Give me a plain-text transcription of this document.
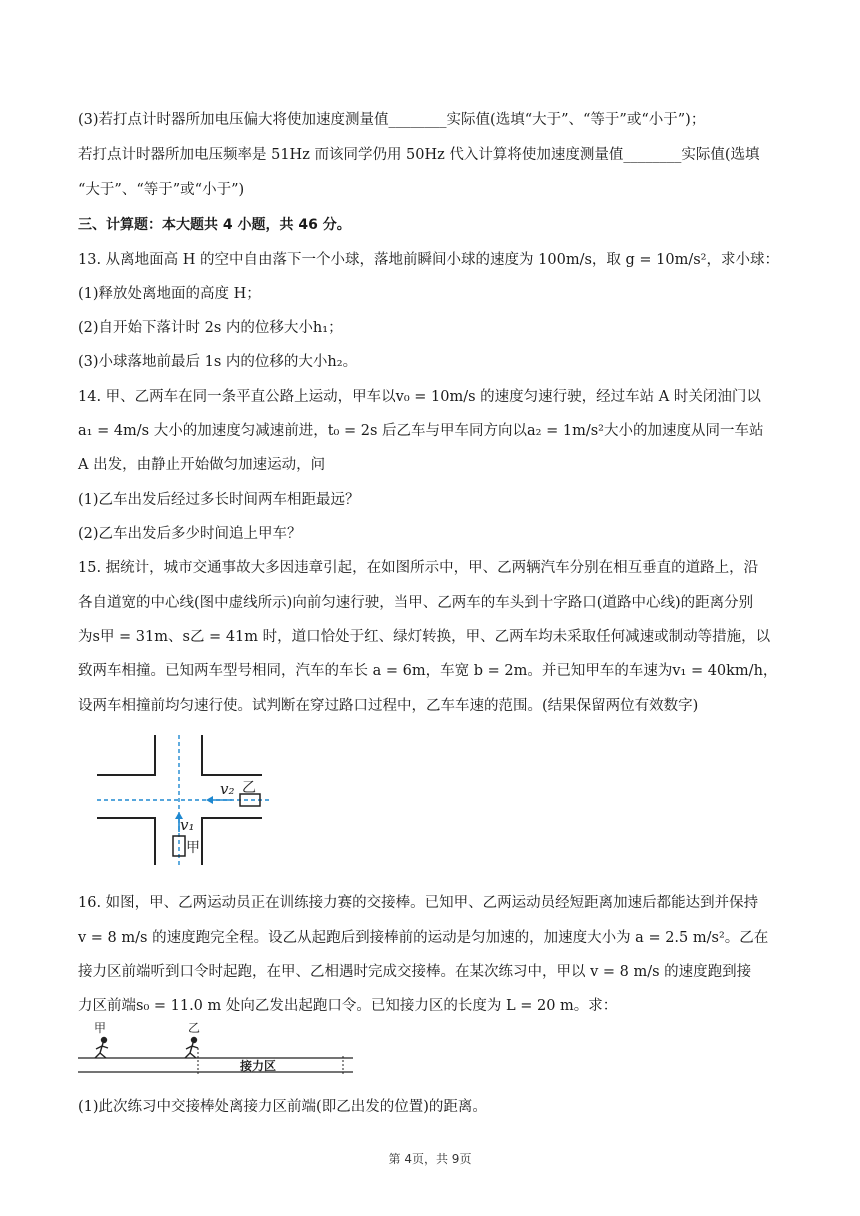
(3)若打点计时器所加电压偏大将使加速度测量值________实际值(选填“大于”、“等于”或“小于”)；
若打点计时器所加电压频率是 51Hz 而该同学仍用 50Hz 代入计算将使加速度测量值________实际值(选填
“大于”、“等于”或“小于”)
三、计算题：本大题共 4 小题，共 46 分。
13. 从离地面高 H 的空中自由落下一个小球，落地前瞬间小球的速度为 100m/s，取 g = 10m/s²，求小球：
(1)释放处离地面的高度 H；
(2)自开始下落计时 2s 内的位移大小h₁；
(3)小球落地前最后 1s 内的位移的大小h₂。
14. 甲、乙两车在同一条平直公路上运动，甲车以v₀ = 10m/s 的速度匀速行驶，经过车站 A 时关闭油门以
a₁ = 4m/s 大小的加速度匀减速前进，t₀ = 2s 后乙车与甲车同方向以a₂ = 1m/s²大小的加速度从同一车站
A 出发，由静止开始做匀加速运动，问
(1)乙车出发后经过多长时间两车相距最远？
(2)乙车出发后多少时间追上甲车？
15. 据统计，城市交通事故大多因违章引起，在如图所示中，甲、乙两辆汽车分别在相互垂直的道路上，沿
各自道宽的中心线(图中虚线所示)向前匀速行驶，当甲、乙两车的车头到十字路口(道路中心线)的距离分别
为s甲 = 31m、s乙 = 41m 时，道口恰处于红、绿灯转换，甲、乙两车均未采取任何减速或制动等措施，以
致两车相撞。已知两车型号相同，汽车的车长 a = 6m，车宽 b = 2m。并已知甲车的车速为v₁ = 40km/h，
设两车相撞前均匀速行使。试判断在穿过路口过程中，乙车车速的范围。(结果保留两位有效数字)
v₂ 乙
v₁
甲
16. 如图，甲、乙两运动员正在训练接力赛的交接棒。已知甲、乙两运动员经短距离加速后都能达到并保持
v = 8 m/s 的速度跑完全程。设乙从起跑后到接棒前的运动是匀加速的，加速度大小为 a = 2.5 m/s²。乙在
接力区前端听到口令时起跑，在甲、乙相遇时完成交接棒。在某次练习中，甲以 v = 8 m/s 的速度跑到接
力区前端s₀ = 11.0 m 处向乙发出起跑口令。已知接力区的长度为 L = 20 m。求：
甲	乙
接力区
(1)此次练习中交接棒处离接力区前端(即乙出发的位置)的距离。
第 4页，共 9页
